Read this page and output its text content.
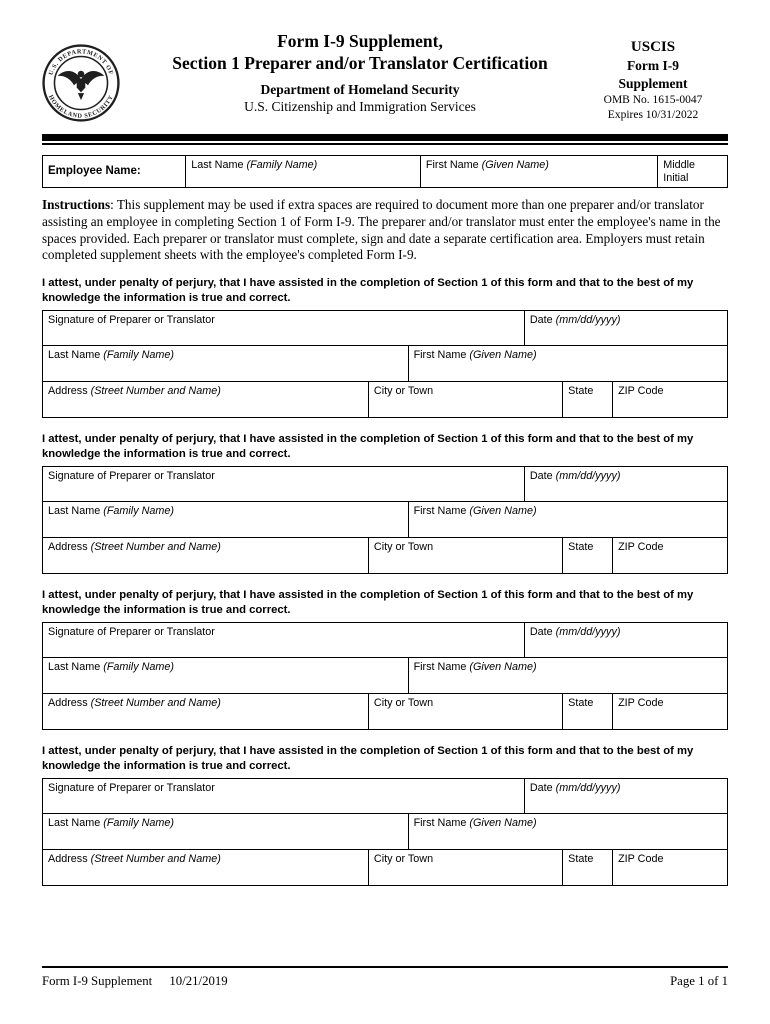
U.S. DEPARTMENT OF
HOMELAND SECURITY
Form I-9 Supplement,
Section 1 Preparer and/or Translator Certification
Department of Homeland Security
U.S. Citizenship and Immigration Services
USCIS
Form I-9
Supplement
OMB No. 1615-0047
Expires 10/31/2022
Employee Name:	Last Name (Family Name)	First Name (Given Name)	Middle Initial

Instructions: This supplement may be used if extra spaces are required to document more than one preparer and/or translator assisting an employee in completing Section 1 of Form I-9. The preparer and/or translator must enter the employee's name in the spaces provided. Each preparer or translator must complete, sign and date a separate certification area. Employers must retain completed supplement sheets with the employee's completed Form I-9.

I attest, under penalty of perjury, that I have assisted in the completion of Section 1 of this form and that to the best of my knowledge the information is true and correct.

Signature of Preparer or Translator	Date (mm/dd/yyyy)
Last Name (Family Name)	First Name (Given Name)
Address (Street Number and Name)	City or Town	State	ZIP Code

I attest, under penalty of perjury, that I have assisted in the completion of Section 1 of this form and that to the best of my knowledge the information is true and correct.

Signature of Preparer or Translator	Date (mm/dd/yyyy)
Last Name (Family Name)	First Name (Given Name)
Address (Street Number and Name)	City or Town	State	ZIP Code

I attest, under penalty of perjury, that I have assisted in the completion of Section 1 of this form and that to the best of my knowledge the information is true and correct.

Signature of Preparer or Translator	Date (mm/dd/yyyy)
Last Name (Family Name)	First Name (Given Name)
Address (Street Number and Name)	City or Town	State	ZIP Code

I attest, under penalty of perjury, that I have assisted in the completion of Section 1 of this form and that to the best of my knowledge the information is true and correct.

Signature of Preparer or Translator	Date (mm/dd/yyyy)
Last Name (Family Name)	First Name (Given Name)
Address (Street Number and Name)	City or Town	State	ZIP Code
Form I-9 Supplement 10/21/2019	Page 1 of 1
